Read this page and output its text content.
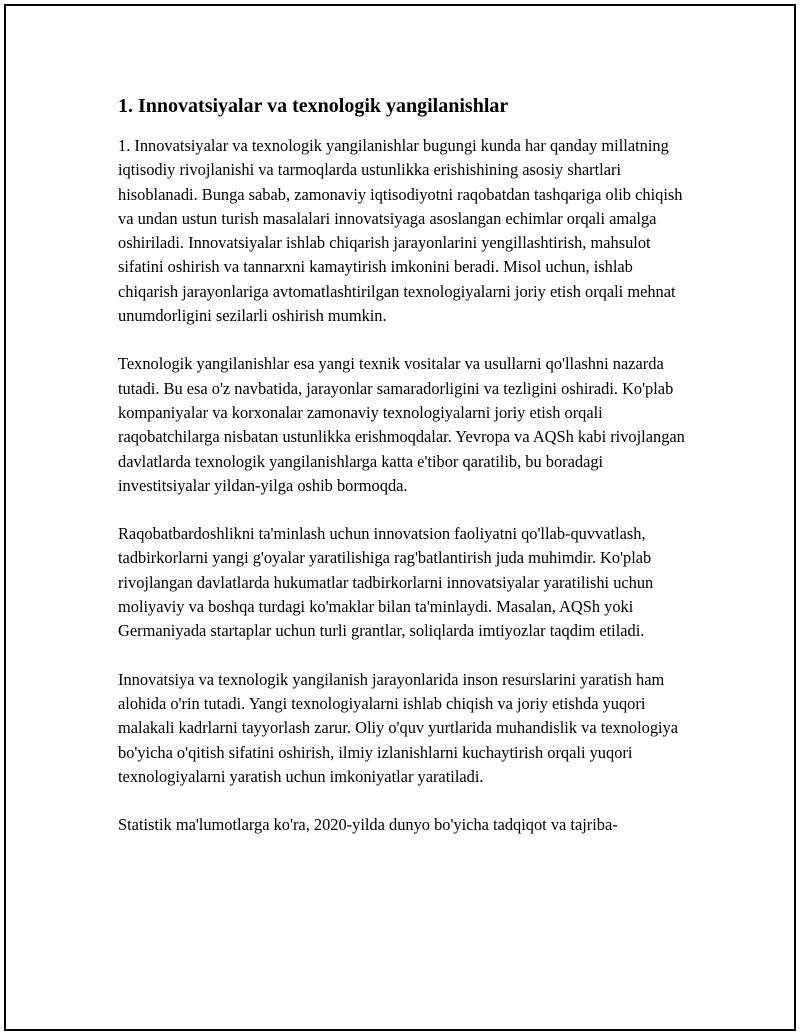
1. Innovatsiyalar va texnologik yangilanishlar

1. Innovatsiyalar va texnologik yangilanishlar bugungi kunda har qanday millatning iqtisodiy rivojlanishi va tarmoqlarda ustunlikka erishishining asosiy shartlari hisoblanadi. Bunga sabab, zamonaviy iqtisodiyotni raqobatdan tashqariga olib chiqish va undan ustun turish masalalari innovatsiyaga asoslangan echimlar orqali amalga oshiriladi. Innovatsiyalar ishlab chiqarish jarayonlarini yengillashtirish, mahsulot sifatini oshirish va tannarxni kamaytirish imkonini beradi. Misol uchun, ishlab chiqarish jarayonlariga avtomatlashtirilgan texnologiyalarni joriy etish orqali mehnat unumdorligini sezilarli oshirish mumkin.

Texnologik yangilanishlar esa yangi texnik vositalar va usullarni qo'llashni nazarda tutadi. Bu esa o'z navbatida, jarayonlar samaradorligini va tezligini oshiradi. Ko'plab kompaniyalar va korxonalar zamonaviy texnologiyalarni joriy etish orqali raqobatchilarga nisbatan ustunlikka erishmoqdalar. Yevropa va AQSh kabi rivojlangan davlatlarda texnologik yangilanishlarga katta e'tibor qaratilib, bu boradagi investitsiyalar yildan-yilga oshib bormoqda.

Raqobatbardoshlikni ta'minlash uchun innovatsion faoliyatni qo'llab-quvvatlash, tadbirkorlarni yangi g'oyalar yaratilishiga rag'batlantirish juda muhimdir. Ko'plab rivojlangan davlatlarda hukumatlar tadbirkorlarni innovatsiyalar yaratilishi uchun moliyaviy va boshqa turdagi ko'maklar bilan ta'minlaydi. Masalan, AQSh yoki Germaniyada startaplar uchun turli grantlar, soliqlarda imtiyozlar taqdim etiladi.

Innovatsiya va texnologik yangilanish jarayonlarida inson resurslarini yaratish ham alohida o'rin tutadi. Yangi texnologiyalarni ishlab chiqish va joriy etishda yuqori malakali kadrlarni tayyorlash zarur. Oliy o'quv yurtlarida muhandislik va texnologiya bo'yicha o'qitish sifatini oshirish, ilmiy izlanishlarni kuchaytirish orqali yuqori texnologiyalarni yaratish uchun imkoniyatlar yaratiladi.

Statistik ma'lumotlarga ko'ra, 2020-yilda dunyo bo'yicha tadqiqot va tajriba-
